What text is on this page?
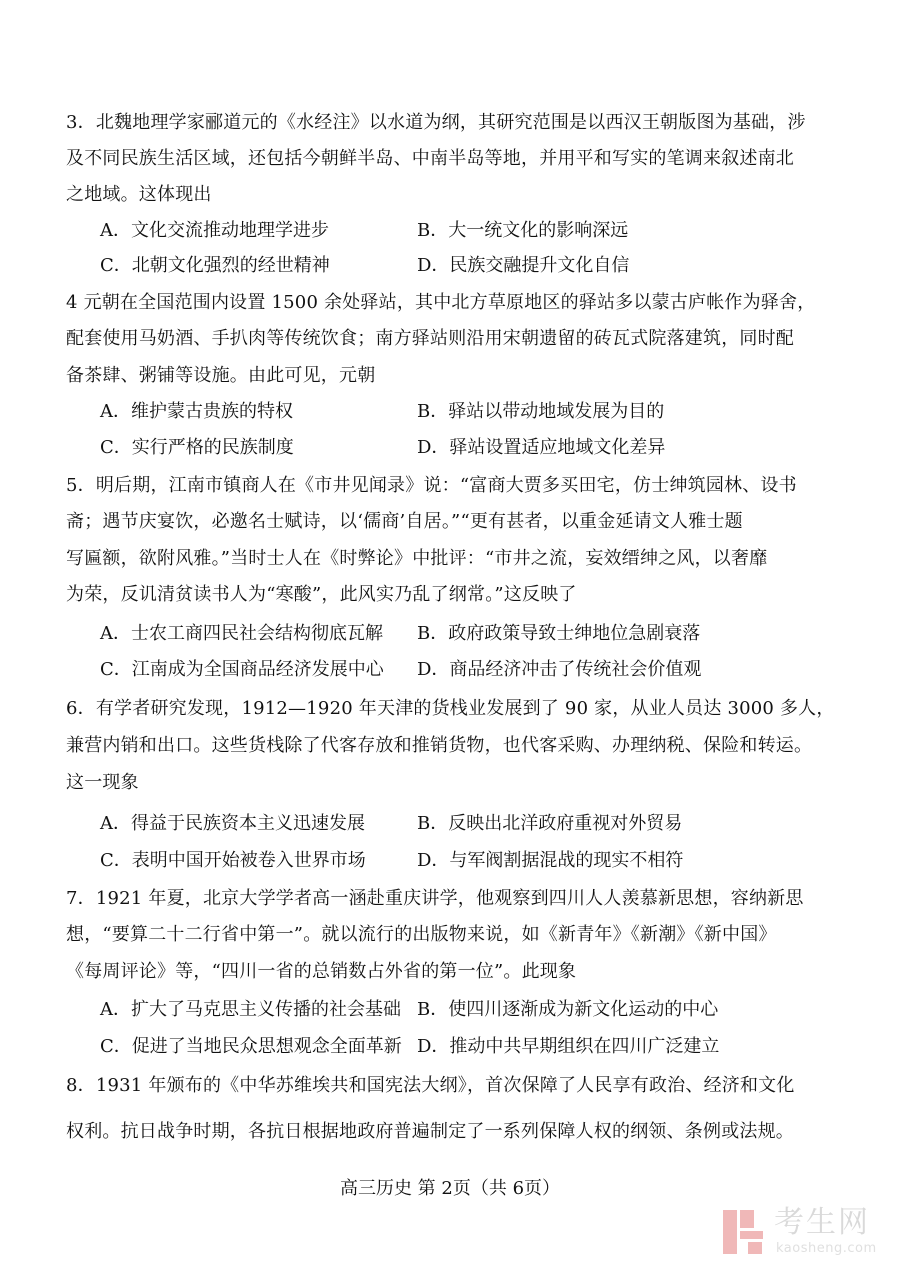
3．北魏地理学家郦道元的《水经注》以水道为纲，其研究范围是以西汉王朝版图为基础，涉
及不同民族生活区域，还包括今朝鲜半岛、中南半岛等地，并用平和写实的笔调来叙述南北
之地域。这体现出
A．文化交流推动地理学进步	B．大一统文化的影响深远
C．北朝文化强烈的经世精神	D．民族交融提升文化自信
4 元朝在全国范围内设置 1500 余处驿站，其中北方草原地区的驿站多以蒙古庐帐作为驿舍，
配套使用马奶酒、手扒肉等传统饮食；南方驿站则沿用宋朝遗留的砖瓦式院落建筑，同时配
备茶肆、粥铺等设施。由此可见，元朝
A．维护蒙古贵族的特权	B．驿站以带动地域发展为目的
C．实行严格的民族制度	D．驿站设置适应地域文化差异
5．明后期，江南市镇商人在《市井见闻录》说：“富商大贾多买田宅，仿士绅筑园林、设书
斋；遇节庆宴饮，必邀名士赋诗，以‘儒商’自居。”“更有甚者，以重金延请文人雅士题
写匾额，欲附风雅。”当时士人在《时弊论》中批评：“市井之流，妄效缙绅之风，以奢靡
为荣，反讥清贫读书人为“寒酸”，此风实乃乱了纲常。”这反映了
A．士农工商四民社会结构彻底瓦解 B．政府政策导致士绅地位急剧衰落
C．江南成为全国商品经济发展中心 D．商品经济冲击了传统社会价值观
6．有学者研究发现，1912—1920 年天津的货栈业发展到了 90 家，从业人员达 3000 多人，
兼营内销和出口。这些货栈除了代客存放和推销货物，也代客采购、办理纳税、保险和转运。
这一现象
A．得益于民族资本主义迅速发展	B．反映出北洋政府重视对外贸易
C．表明中国开始被卷入世界市场	D．与军阀割据混战的现实不相符
7．1921 年夏，北京大学学者高一涵赴重庆讲学，他观察到四川人人羡慕新思想，容纳新思
想，“要算二十二行省中第一”。就以流行的出版物来说，如《新青年》《新潮》《新中国》
《每周评论》等，“四川一省的总销数占外省的第一位”。此现象
A．扩大了马克思主义传播的社会基础 B．使四川逐渐成为新文化运动的中心
C．促进了当地民众思想观念全面革新 D．推动中共早期组织在四川广泛建立
8．1931 年颁布的《中华苏维埃共和国宪法大纲》，首次保障了人民享有政治、经济和文化
权利。抗日战争时期，各抗日根据地政府普遍制定了一系列保障人权的纲领、条例或法规。
高三历史 第 2页（共 6页）
考生网
kaosheng.com
